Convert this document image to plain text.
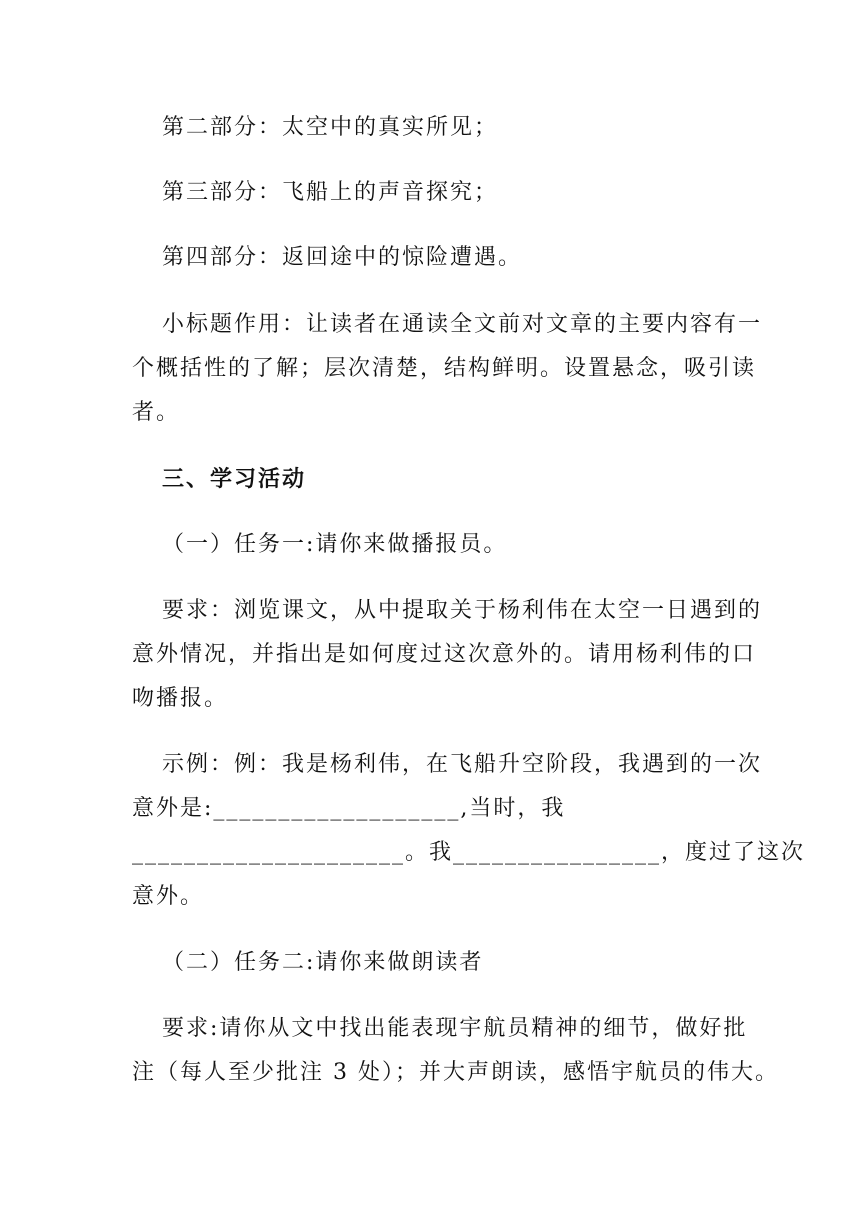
第二部分：太空中的真实所见；
第三部分：飞船上的声音探究；
第四部分：返回途中的惊险遭遇。
小标题作用：让读者在通读全文前对文章的主要内容有一
个概括性的了解；层次清楚，结构鲜明。设置悬念，吸引读
者。
三、学习活动
（一）任务一:请你来做播报员。
要求：浏览课文，从中提取关于杨利伟在太空一日遇到的
意外情况，并指出是如何度过这次意外的。请用杨利伟的口
吻播报。
示例：例：我是杨利伟，在飞船升空阶段，我遇到的一次
意外是:___________________,当时，我
_____________________。我________________，度过了这次
意外。
（二）任务二:请你来做朗读者
要求:请你从文中找出能表现宇航员精神的细节，做好批
注（每人至少批注 3 处）；并大声朗读，感悟宇航员的伟大。
